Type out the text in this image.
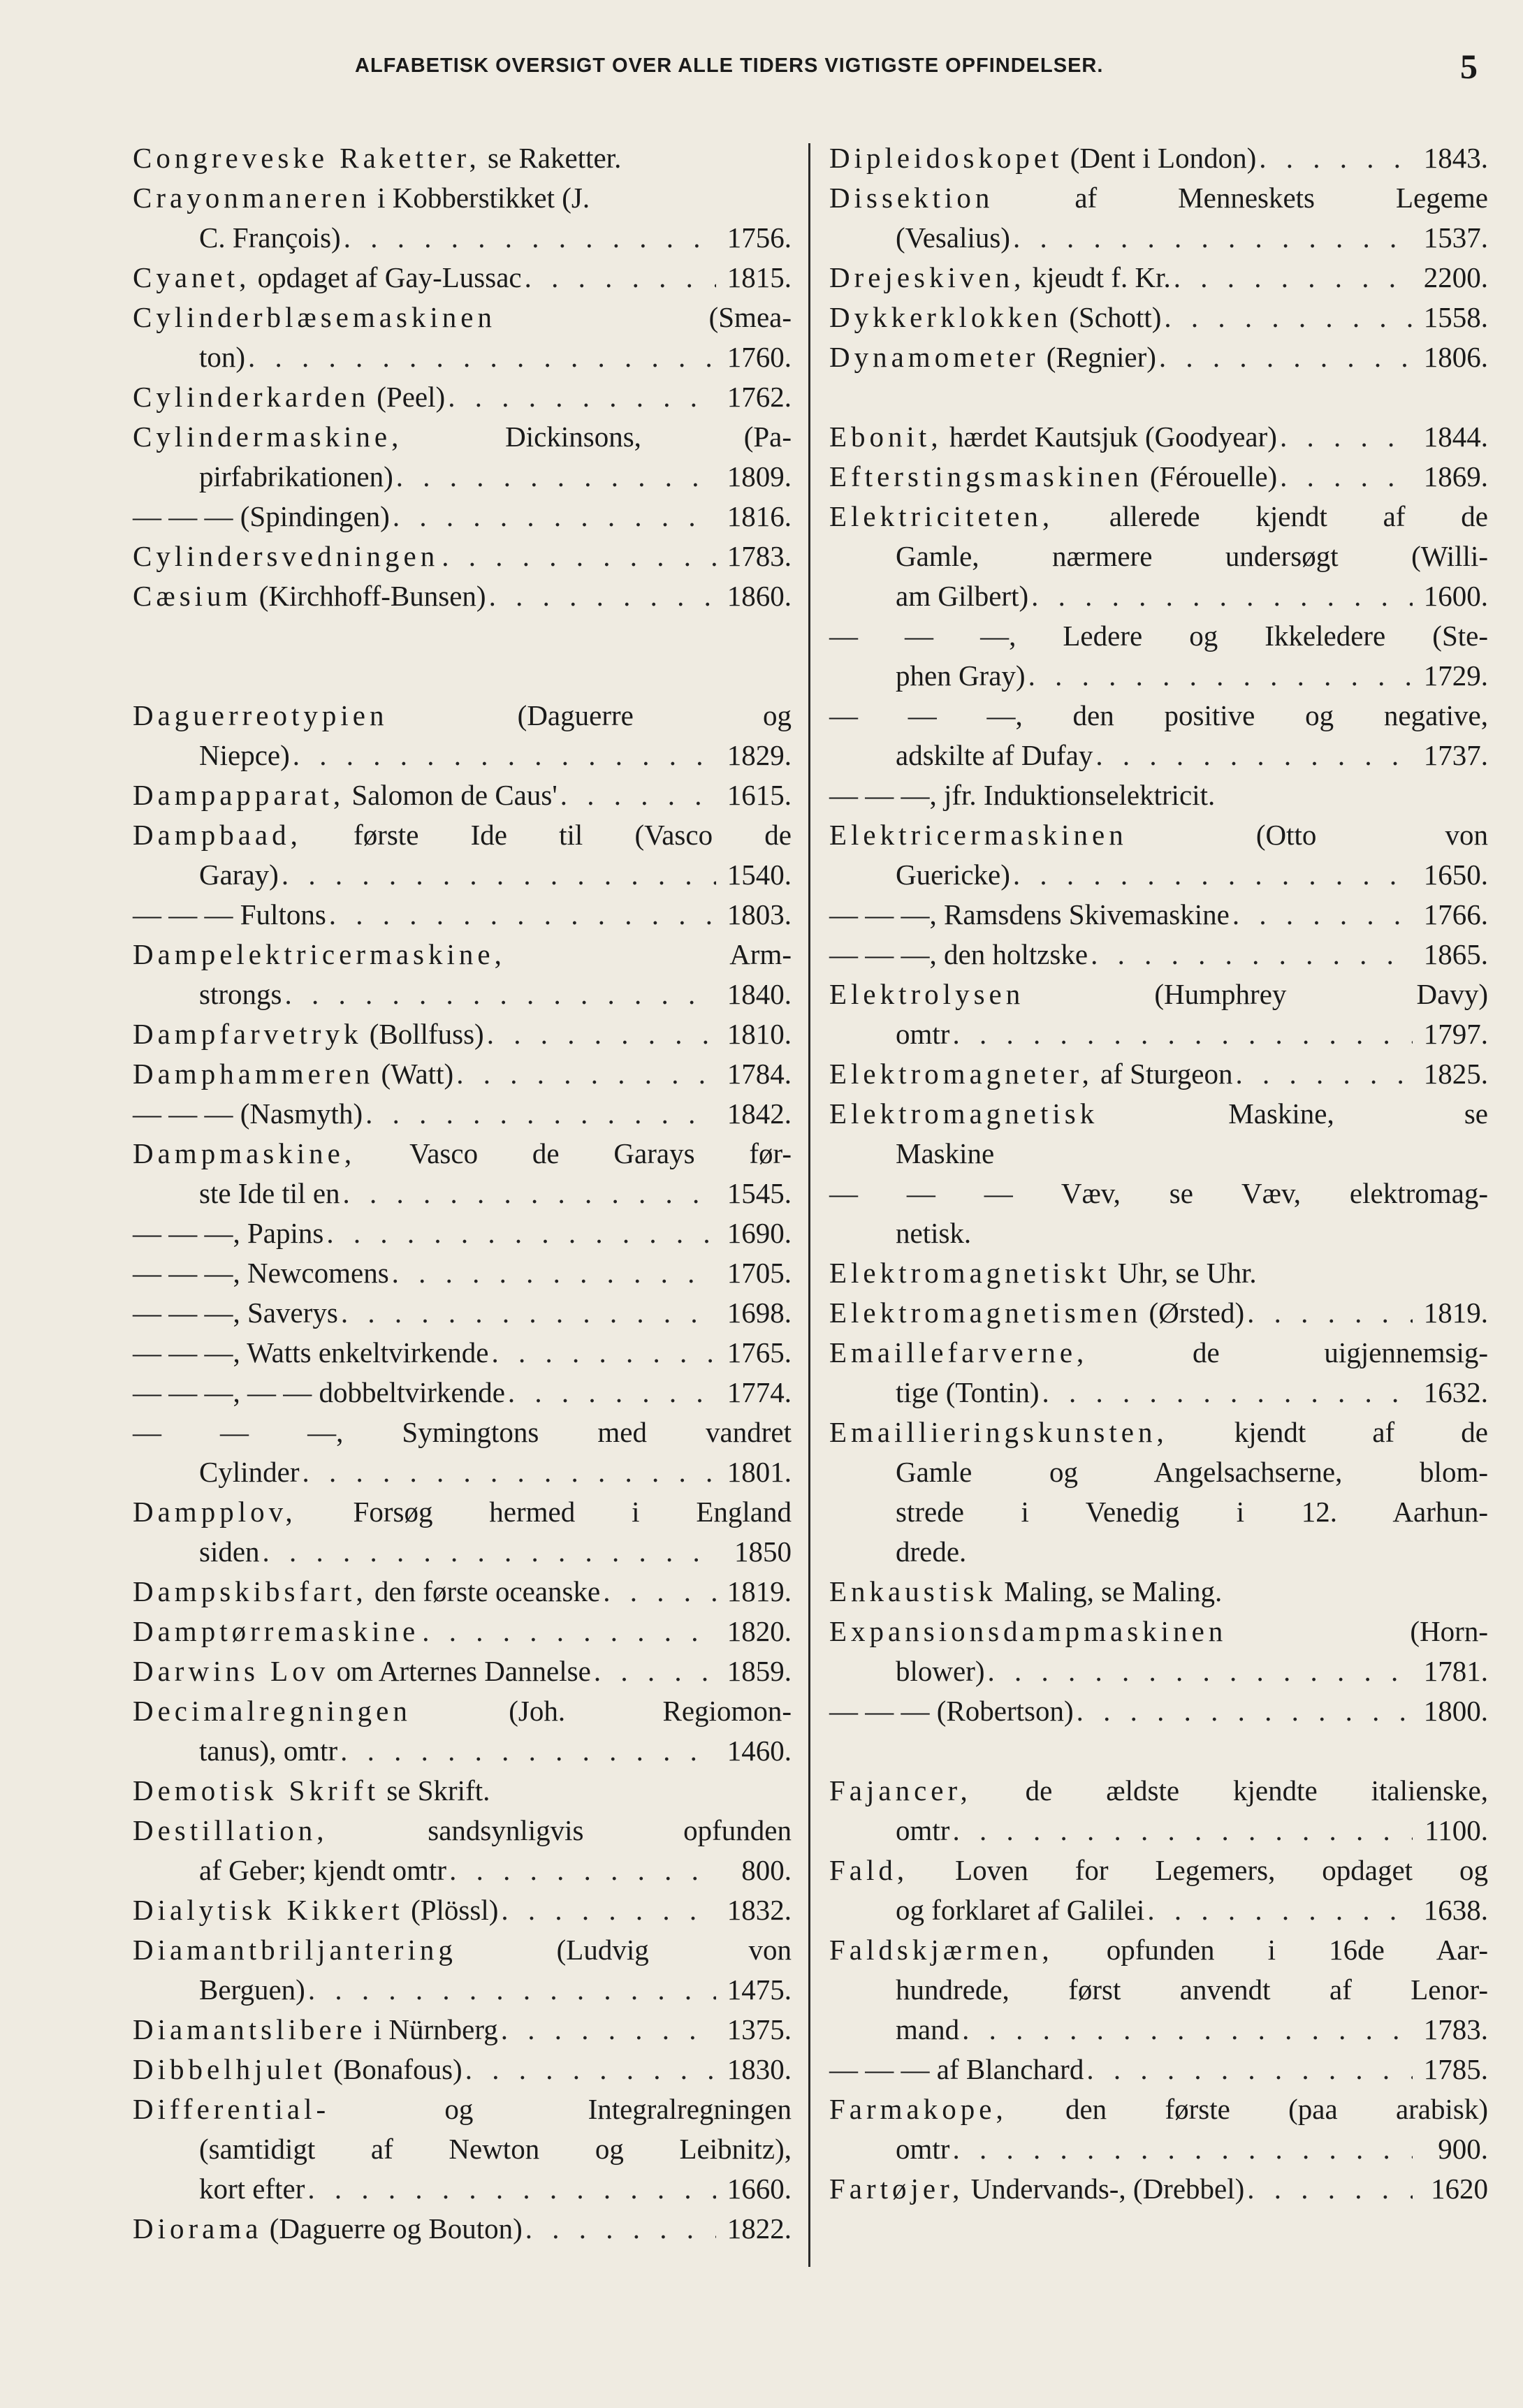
ALFABETISK OVERSIGT OVER ALLE TIDERS VIGTIGSTE OPFINDELSER.	5
Congreveske Raketter, se Raketter.
Crayonmaneren i Kobberstikket (J.
C. François) . . .	1756.
Cyanet, opdaget af Gay-Lussac . . .	1815.
Cylinderblæsemaskinen (Smea-
ton) . . .	1760.
Cylinderkarden (Peel) . . .	1762.
Cylindermaskine, Dickinsons, (Pa-
pirfabrikationen) . . .	1809.
— — — (Spindingen) . . .	1816.
Cylindersvedningen . . .	1783.
Cæsium (Kirchhoff-Bunsen) . . .	1860.
Daguerreotypien (Daguerre og
Niepce) . . .	1829.
Dampapparat, Salomon de Caus' . . .	1615.
Dampbaad, første Ide til (Vasco de
Garay) . . .	1540.
— — — Fultons . . .	1803.
Dampelektricermaskine, Arm-
strongs . . .	1840.
Dampfarvetryk (Bollfuss) . . .	1810.
Damphammeren (Watt) . . .	1784.
— — — (Nasmyth) . . .	1842.
Dampmaskine, Vasco de Garays før-
ste Ide til en . . .	1545.
— — —, Papins . . .	1690.
— — —, Newcomens . . .	1705.
— — —, Saverys . . .	1698.
— — —, Watts enkeltvirkende . . .	1765.
— — —, — — dobbeltvirkende . . .	1774.
— — —, Symingtons med vandret
Cylinder . . .	1801.
Dampplov, Forsøg hermed i England
siden . . .	1850
Dampskibsfart, den første oceanske . . .	1819.
Damptørremaskine . . .	1820.
Darwins Lov om Arternes Dannelse . . .	1859.
Decimalregningen (Joh. Regiomon-
tanus), omtr . . .	1460.
Demotisk Skrift se Skrift.
Destillation, sandsynligvis opfunden
af Geber; kjendt omtr . . .	800.
Dialytisk Kikkert (Plössl) . . .	1832.
Diamantbriljantering (Ludvig von
Berguen) . . .	1475.
Diamantslibere i Nürnberg . . .	1375.
Dibbelhjulet (Bonafous) . . .	1830.
Differential- og Integralregningen
(samtidigt af Newton og Leibnitz),
kort efter . . .	1660.
Diorama (Daguerre og Bouton) . . .	1822.
Dipleidoskopet (Dent i London) . . .	1843.
Dissektion af Menneskets Legeme
(Vesalius) . . .	1537.
Drejeskiven, kjeudt f. Kr. . . .	2200.
Dykkerklokken (Schott) . . .	1558.
Dynamometer (Regnier) . . .	1806.
Ebonit, hærdet Kautsjuk (Goodyear) . . .	1844.
Efterstingsmaskinen (Férouelle) . . .	1869.
Elektriciteten, allerede kjendt af de
Gamle, nærmere undersøgt (Willi-
am Gilbert) . . .	1600.
— — —, Ledere og Ikkeledere (Ste-
phen Gray) . . .	1729.
— — —, den positive og negative,
adskilte af Dufay . . .	1737.
— — —, jfr. Induktionselektricit.
Elektricermaskinen (Otto von
Guericke) . . .	1650.
— — —, Ramsdens Skivemaskine . . .	1766.
— — —, den holtzske . . .	1865.
Elektrolysen (Humphrey Davy)
omtr . . .	1797.
Elektromagneter, af Sturgeon . . .	1825.
Elektromagnetisk Maskine, se
Maskine
— — — Væv, se Væv, elektromag-
netisk.
Elektromagnetiskt Uhr, se Uhr.
Elektromagnetismen (Ørsted) . . .	1819.
Emaillefarverne, de uigjennemsig-
tige (Tontin) . . .	1632.
Emaillieringskunsten, kjendt af de
Gamle og Angelsachserne, blom-
strede i Venedig i 12. Aarhun-
drede.
Enkaustisk Maling, se Maling.
Expansionsdampmaskinen (Horn-
blower) . . .	1781.
— — — (Robertson) . . .	1800.
Fajancer, de ældste kjendte italienske,
omtr . . .	1100.
Fald, Loven for Legemers, opdaget og
og forklaret af Galilei . . .	1638.
Faldskjærmen, opfunden i 16de Aar-
hundrede, først anvendt af Lenor-
mand . . .	1783.
— — — af Blanchard . . .	1785.
Farmakope, den første (paa arabisk)
omtr . . .	900.
Fartøjer, Undervands-, (Drebbel) . . .	1620
